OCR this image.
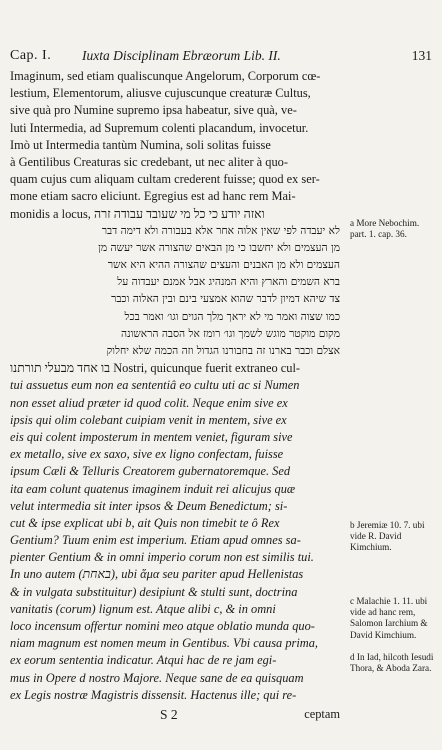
Cap. I. Iuxta Disciplinam Ebræorum Lib. II.	131
Imaginum, sed etiam qualiscunque Angelorum, Corporum cœ-
lestium, Elementorum, aliusve cujuscunque creaturæ Cultus,
sive quà pro Numine supremo ipsa habeatur, sive quà, ve-
luti Intermedia, ad Supremum colenti placandum, invocetur.
Imò ut Intermedia tantùm Numina, soli solitas fuisse
à Gentilibus Creaturas sic credebant, ut nec aliter à quo-
quam cujus cum aliquam cultam crederent fuisse; quod ex ser-
mone etiam sacro eliciunt. Egregius est ad hanc rem Mai-
monidis a locus, ואזה יודע כי כל מי שעובד עבודה זרה
לא יעבדה לפי שאין אלוה אחר אלא בעבורה ולא דימה דבר
מן העצמים ולא יחשבו כי מן הבאים שהצורה אשר יעשה מן
העצמים ולא מן האבנים והעצים שהצורה ההיא היא אשר
ברא השמים והארץ והיא המנהיג אבל אמנם יעבדוה על
צד שיהא דמיון לדבר שהוא אמצעי בינם ובין האלוה וכבר
כמו שצוה ואמר מי לא יראך מלך הגוים וגו׳ ואמר בכל
מקום מוקטר מוגש לשמך וגו׳ רומז אל הסבה הראשונה
אצלם וכבר בארנו זה בחבורנו הגדול וזה הכמה שלא יחלוק
בו אחד מבעלי תורתנו Nostri, quicunque fuerit extraneo cul-
tui assuetus eum non ea sententiâ eo cultu uti ac si Numen
non esset aliud præter id quod colit. Neque enim sive ex
ipsis qui olim colebant cuipiam venit in mentem, sive ex
eis qui colent imposterum in mentem veniet, figuram sive
ex metallo, sive ex saxo, sive ex ligno confectam, fuisse
ipsum Cæli & Telluris Creatorem gubernatoremque. Sed
ita eam colunt quatenus imaginem induit rei alicujus quæ
velut intermedia sit inter ipsos & Deum Benedictum; si-
cut & ipse explicat ubi b, ait Quis non timebit te ô Rex
Gentium? Tuum enim est imperium. Etiam apud omnes sa-
pienter Gentium & in omni imperio corum non est similis tui.
In uno autem (באחת), ubi ἅμα seu pariter apud Hellenistas
& in vulgata substituitur) desipiunt & stulti sunt, doctrina
vanitatis (corum) lignum est. Atque alibi c, & in omni
loco incensum offertur nomini meo atque oblatio munda quo-
niam magnum est nomen meum in Gentibus. Vbi causa prima,
ex eorum sententia indicatur. Atqui hac de re jam egi-
mus in Opere d nostro Majore. Neque sane de ea quisquam
ex Legis nostræ Magistris dissensit. Hactenus ille; qui re-
a More Nebochim. part. 1. cap. 36.
b Jeremiæ 10. 7. ubi vide R. David Kimchium.
c Malachie 1. 11. ubi vide ad hanc rem, Salomon Iarchium & David Kimchium.
d In Iad, hilcoth Iesudi Thora, & Aboda Zara.
S 2	ceptam
